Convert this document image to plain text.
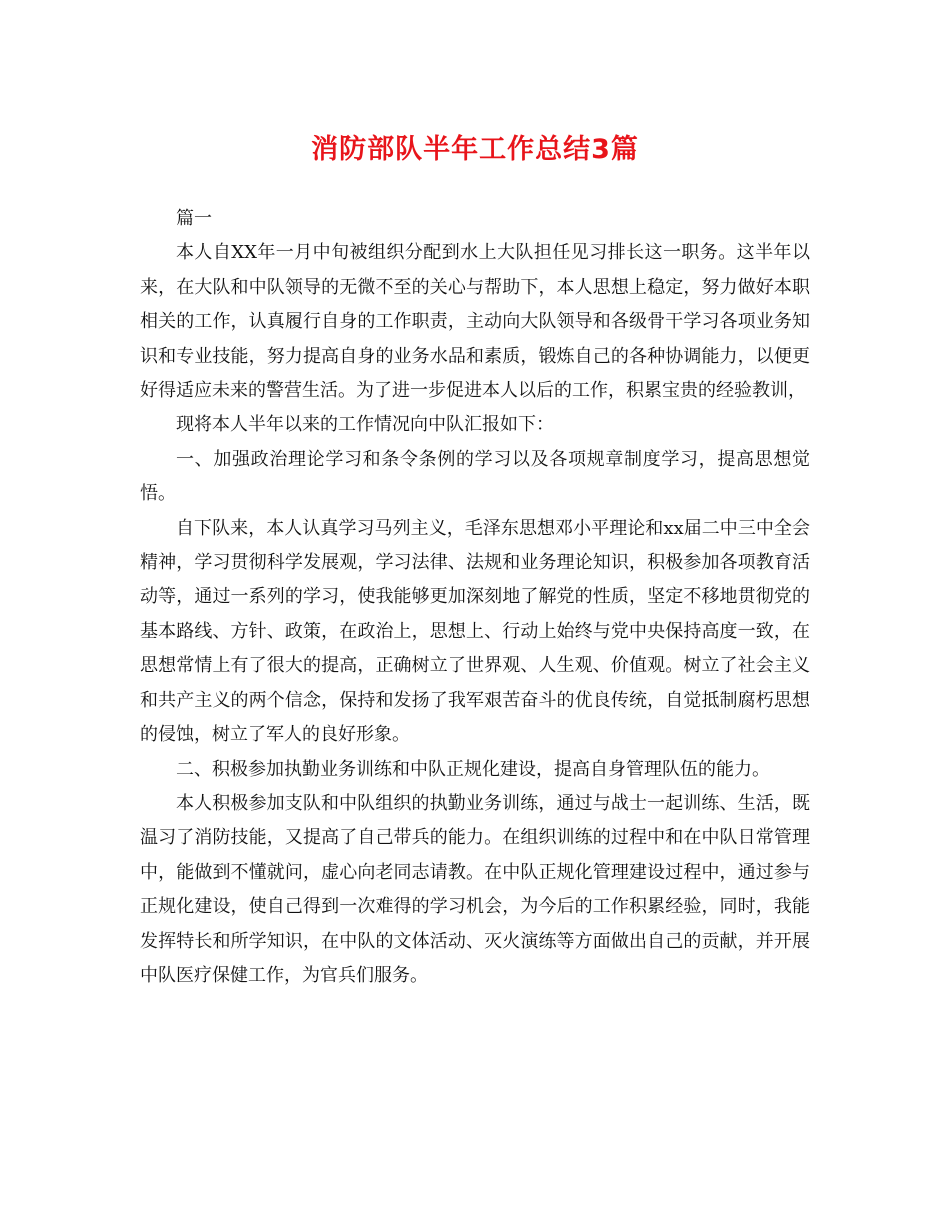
消防部队半年工作总结3篇

篇一

本人自XX年一月中旬被组织分配到水上大队担任见习排长这一职务。这半年以来，在大队和中队领导的无微不至的关心与帮助下，本人思想上稳定，努力做好本职相关的工作，认真履行自身的工作职责，主动向大队领导和各级骨干学习各项业务知识和专业技能，努力提高自身的业务水品和素质，锻炼自己的各种协调能力，以便更好得适应未来的警营生活。为了进一步促进本人以后的工作，积累宝贵的经验教训，

现将本人半年以来的工作情况向中队汇报如下：

一、加强政治理论学习和条令条例的学习以及各项规章制度学习，提高思想觉悟。

自下队来，本人认真学习马列主义，毛泽东思想邓小平理论和xx届二中三中全会精神，学习贯彻科学发展观，学习法律、法规和业务理论知识，积极参加各项教育活动等，通过一系列的学习，使我能够更加深刻地了解党的性质，坚定不移地贯彻党的基本路线、方针、政策，在政治上，思想上、行动上始终与党中央保持高度一致，在思想常情上有了很大的提高，正确树立了世界观、人生观、价值观。树立了社会主义和共产主义的两个信念，保持和发扬了我军艰苦奋斗的优良传统，自觉抵制腐朽思想的侵蚀，树立了军人的良好形象。

二、积极参加执勤业务训练和中队正规化建设，提高自身管理队伍的能力。

本人积极参加支队和中队组织的执勤业务训练，通过与战士一起训练、生活，既温习了消防技能，又提高了自己带兵的能力。在组织训练的过程中和在中队日常管理中，能做到不懂就问，虚心向老同志请教。在中队正规化管理建设过程中，通过参与正规化建设，使自己得到一次难得的学习机会，为今后的工作积累经验，同时，我能发挥特长和所学知识，在中队的文体活动、灭火演练等方面做出自己的贡献，并开展中队医疗保健工作，为官兵们服务。
